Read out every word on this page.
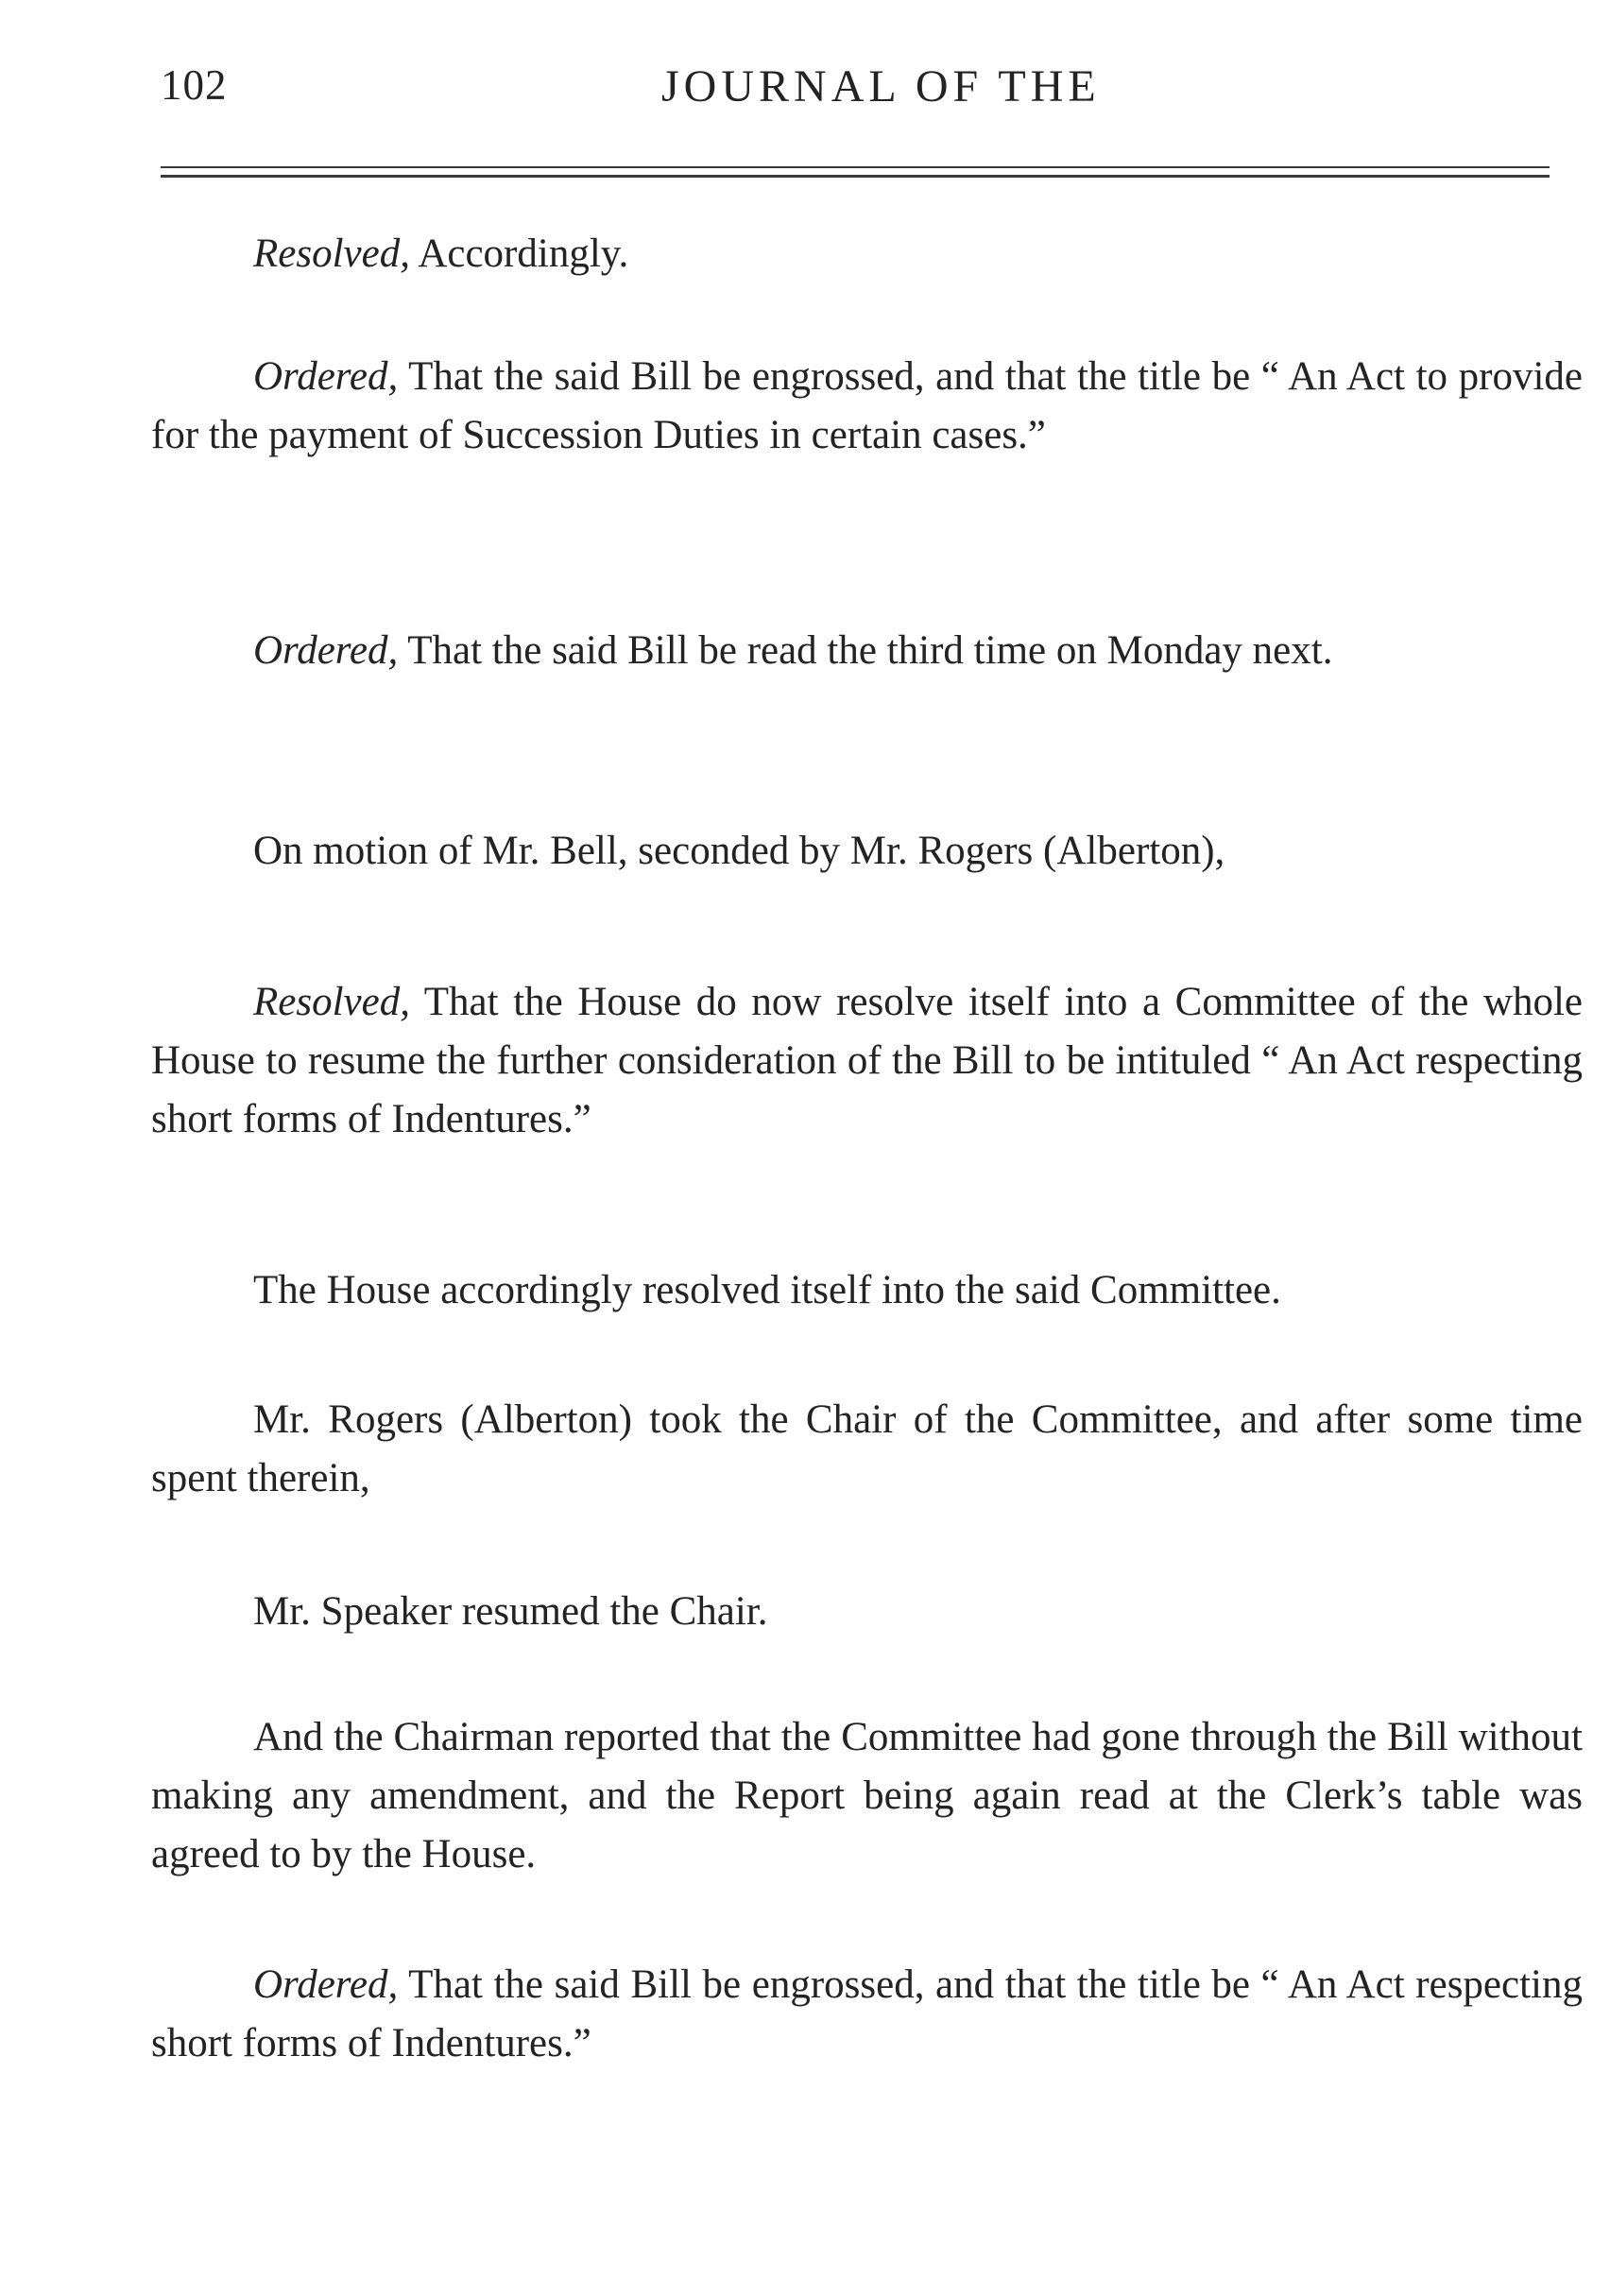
102	JOURNAL OF THE

Resolved, Accordingly.

Ordered, That the said Bill be engrossed, and that the title be “ An Act to provide for the payment of Succession Duties in certain cases.”

Ordered, That the said Bill be read the third time on Monday next.

On motion of Mr. Bell, seconded by Mr. Rogers (Alberton),

Resolved, That the House do now resolve itself into a Committee of the whole House to resume the further consideration of the Bill to be intituled “ An Act respecting short forms of Indentures.”

The House accordingly resolved itself into the said Committee.

Mr. Rogers (Alberton) took the Chair of the Committee, and after some time spent therein,

Mr. Speaker resumed the Chair.

And the Chairman reported that the Committee had gone through the Bill without making any amendment, and the Report being again read at the Clerk’s table was agreed to by the House.

Ordered, That the said Bill be engrossed, and that the title be “ An Act respecting short forms of Indentures.”
